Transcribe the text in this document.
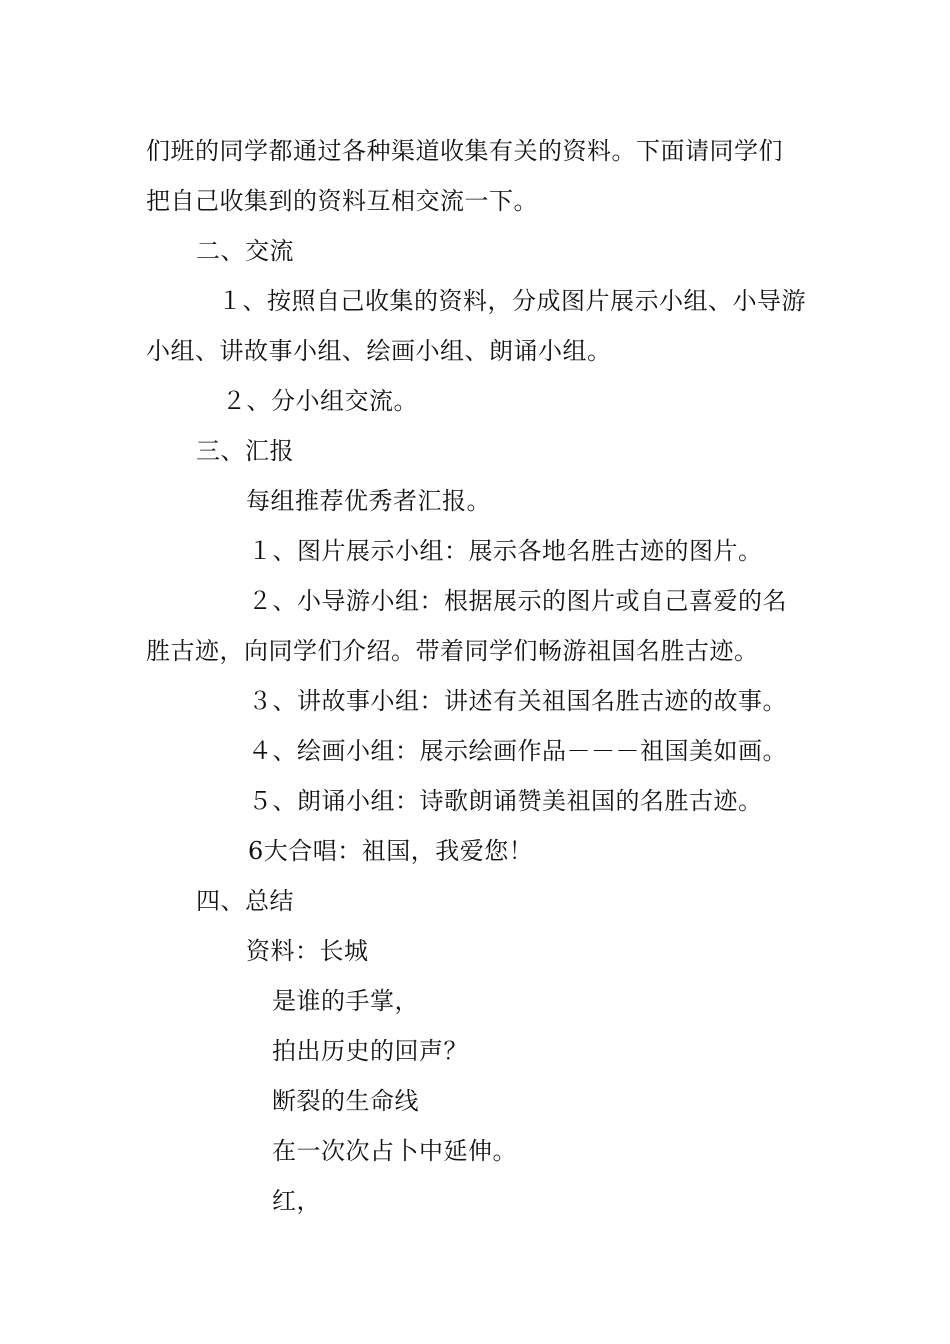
们班的同学都通过各种渠道收集有关的资料。下面请同学们
把自己收集到的资料互相交流一下。
二、交流
１、按照自己收集的资料，分成图片展示小组、小导游
小组、讲故事小组、绘画小组、朗诵小组。
２、分小组交流。
三、汇报
每组推荐优秀者汇报。
１、图片展示小组：展示各地名胜古迹的图片。
２、小导游小组：根据展示的图片或自己喜爱的名
胜古迹，向同学们介绍。带着同学们畅游祖国名胜古迹。
３、讲故事小组：讲述有关祖国名胜古迹的故事。
４、绘画小组：展示绘画作品－－－祖国美如画。
５、朗诵小组：诗歌朗诵赞美祖国的名胜古迹。
6大合唱：祖国，我爱您！
四、总结
资料：长城
是谁的手掌，
拍出历史的回声？
断裂的生命线
在一次次占卜中延伸。
红，
